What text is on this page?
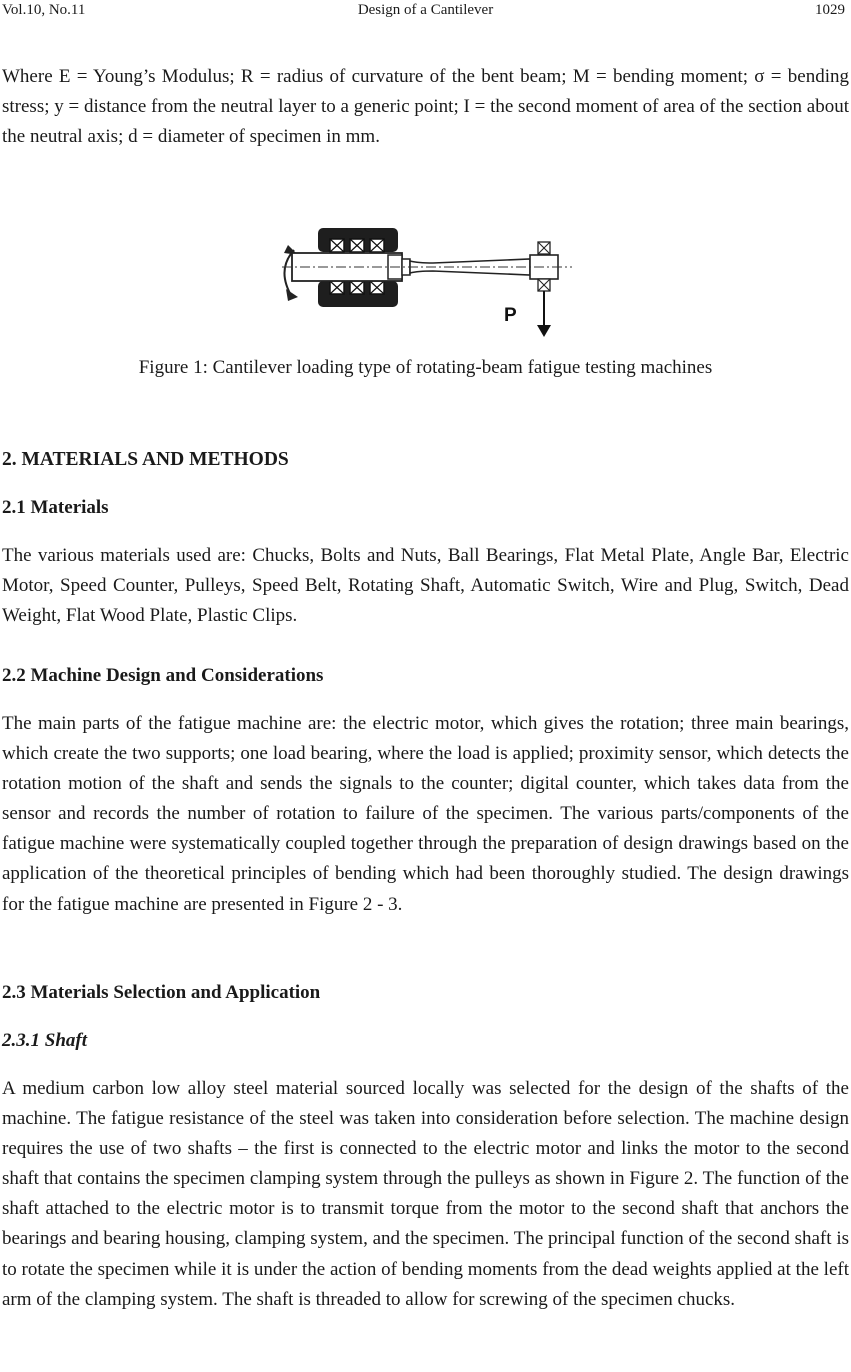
Vol.10, No.11	Design of a Cantilever	1029
Where E = Young’s Modulus; R = radius of curvature of the bent beam; M = bending moment; σ = bending stress; y = distance from the neutral layer to a generic point; I = the second moment of area of the section about the neutral axis; d = diameter of specimen in mm.
P
Figure 1: Cantilever loading type of rotating-beam fatigue testing machines
2. MATERIALS AND METHODS
2.1 Materials
The various materials used are: Chucks, Bolts and Nuts, Ball Bearings, Flat Metal Plate, Angle Bar, Electric Motor, Speed Counter, Pulleys, Speed Belt, Rotating Shaft, Automatic Switch, Wire and Plug, Switch, Dead Weight, Flat Wood Plate, Plastic Clips.
2.2 Machine Design and Considerations
The main parts of the fatigue machine are: the electric motor, which gives the rotation; three main bearings, which create the two supports; one load bearing, where the load is applied; proximity sensor, which detects the rotation motion of the shaft and sends the signals to the counter; digital counter, which takes data from the sensor and records the number of rotation to failure of the specimen. The various parts/components of the fatigue machine were systematically coupled together through the preparation of design drawings based on the application of the theoretical principles of bending which had been thoroughly studied. The design drawings for the fatigue machine are presented in Figure 2 - 3.
2.3 Materials Selection and Application
2.3.1 Shaft
A medium carbon low alloy steel material sourced locally was selected for the design of the shafts of the machine. The fatigue resistance of the steel was taken into consideration before selection. The machine design requires the use of two shafts – the first is connected to the electric motor and links the motor to the second shaft that contains the specimen clamping system through the pulleys as shown in Figure 2. The function of the shaft attached to the electric motor is to transmit torque from the motor to the second shaft that anchors the bearings and bearing housing, clamping system, and the specimen. The principal function of the second shaft is to rotate the specimen while it is under the action of bending moments from the dead weights applied at the left arm of the clamping system. The shaft is threaded to allow for screwing of the specimen chucks.
